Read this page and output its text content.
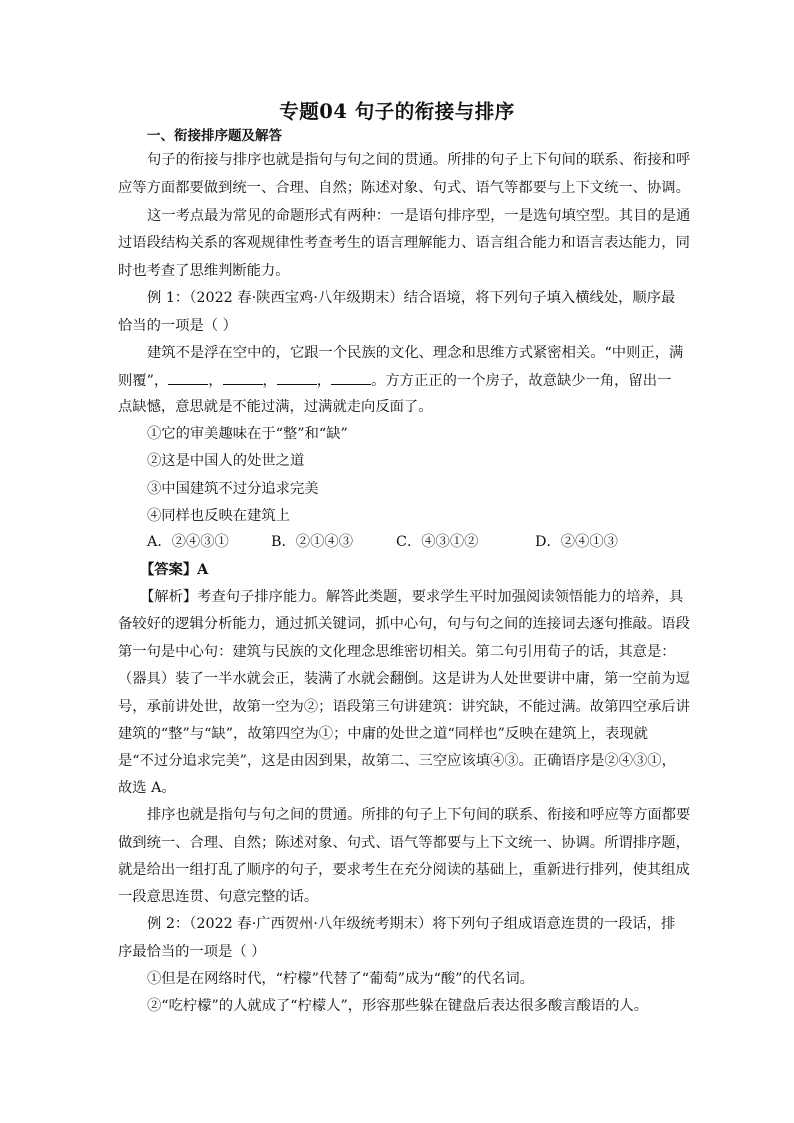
专题04 句子的衔接与排序
一、衔接排序题及解答
句子的衔接与排序也就是指句与句之间的贯通。所排的句子上下句间的联系、衔接和呼
应等方面都要做到统一、合理、自然；陈述对象、句式、语气等都要与上下文统一、协调。
这一考点最为常见的命题形式有两种：一是语句排序型，一是选句填空型。其目的是通
过语段结构关系的客观规律性考查考生的语言理解能力、语言组合能力和语言表达能力，同
时也考查了思维判断能力。
例 1：（2022 春·陕西宝鸡·八年级期末）结合语境，将下列句子填入横线处，顺序最
恰当的一项是（ ）
建筑不是浮在空中的，它跟一个民族的文化、理念和思维方式紧密相关。“中则正，满
则覆”，	，	，	，	。方方正正的一个房子，故意缺少一角，留出一
点缺憾，意思就是不能过满，过满就走向反面了。
①它的审美趣味在于“整”和“缺”
②这是中国人的处世之道
③中国建筑不过分追求完美
④同样也反映在建筑上
A．②④③①	B．②①④③	C．④③①②	D．②④①③
【答案】A
【解析】考查句子排序能力。解答此类题，要求学生平时加强阅读领悟能力的培养，具
备较好的逻辑分析能力，通过抓关键词，抓中心句，句与句之间的连接词去逐句推敲。语段
第一句是中心句：建筑与民族的文化理念思维密切相关。第二句引用荀子的话，其意是：
（器具）装了一半水就会正，装满了水就会翻倒。这是讲为人处世要讲中庸，第一空前为逗
号，承前讲处世，故第一空为②；语段第三句讲建筑：讲究缺，不能过满。故第四空承后讲
建筑的“整”与“缺”，故第四空为①；中庸的处世之道“同样也”反映在建筑上，表现就
是“不过分追求完美”，这是由因到果，故第二、三空应该填④③。正确语序是②④③①，
故选 A。
排序也就是指句与句之间的贯通。所排的句子上下句间的联系、衔接和呼应等方面都要
做到统一、合理、自然；陈述对象、句式、语气等都要与上下文统一、协调。所谓排序题，
就是给出一组打乱了顺序的句子，要求考生在充分阅读的基础上，重新进行排列，使其组成
一段意思连贯、句意完整的话。
例 2：（2022 春·广西贺州·八年级统考期末）将下列句子组成语意连贯的一段话，排
序最恰当的一项是（ ）
①但是在网络时代，“柠檬”代替了“葡萄”成为“酸”的代名词。
②“吃柠檬”的人就成了“柠檬人”，形容那些躲在键盘后表达很多酸言酸语的人。
